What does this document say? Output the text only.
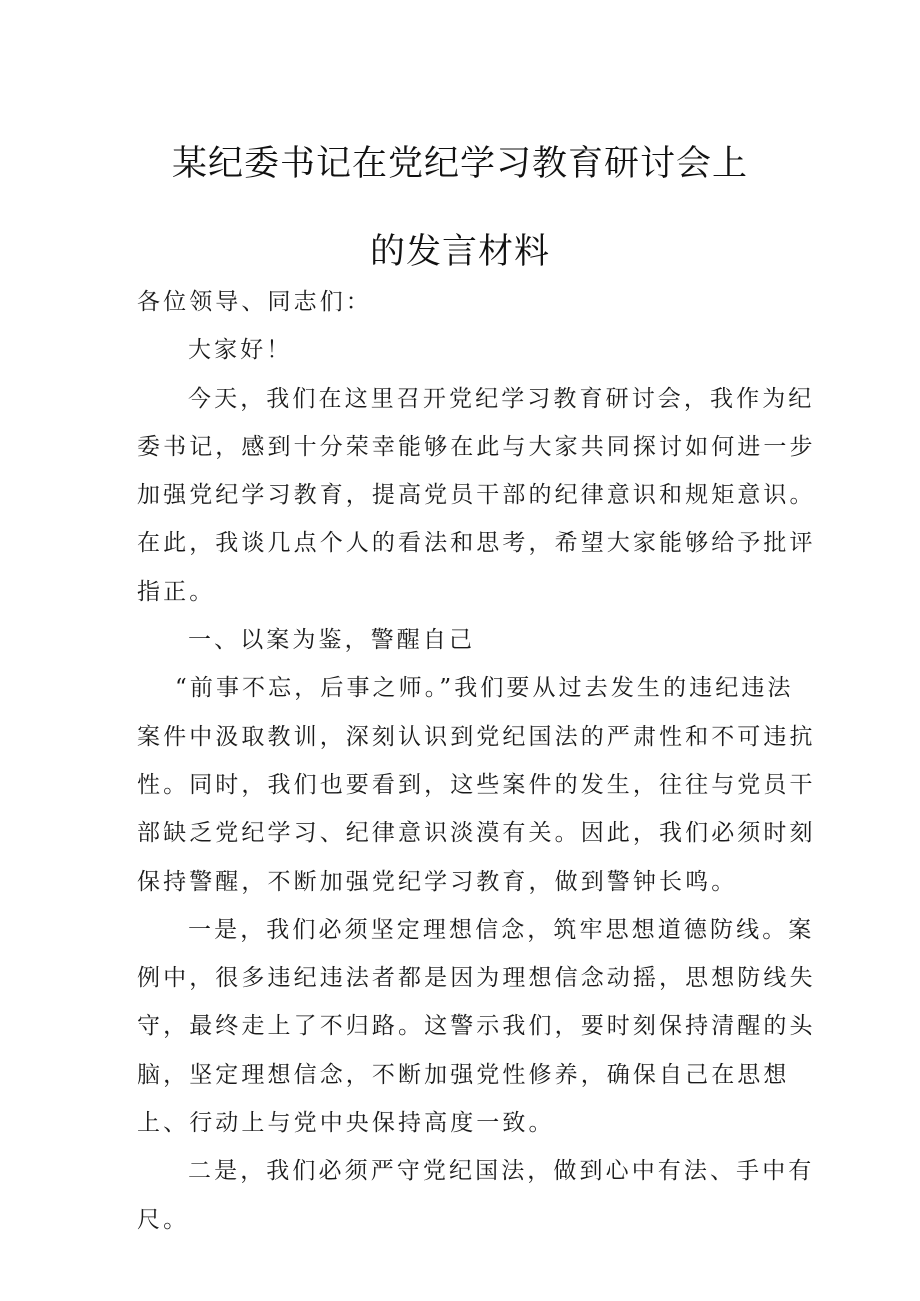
某纪委书记在党纪学习教育研讨会上
的发言材料

各位领导、同志们：

大家好！

今天，我们在这里召开党纪学习教育研讨会，我作为纪委书记，感到十分荣幸能够在此与大家共同探讨如何进一步加强党纪学习教育，提高党员干部的纪律意识和规矩意识。在此，我谈几点个人的看法和思考，希望大家能够给予批评指正。

一、以案为鉴，警醒自己

“前事不忘，后事之师。”我们要从过去发生的违纪违法案件中汲取教训，深刻认识到党纪国法的严肃性和不可违抗性。同时，我们也要看到，这些案件的发生，往往与党员干部缺乏党纪学习、纪律意识淡漠有关。因此，我们必须时刻保持警醒，不断加强党纪学习教育，做到警钟长鸣。

一是，我们必须坚定理想信念，筑牢思想道德防线。案例中，很多违纪违法者都是因为理想信念动摇，思想防线失守，最终走上了不归路。这警示我们，要时刻保持清醒的头脑，坚定理想信念，不断加强党性修养，确保自己在思想上、行动上与党中央保持高度一致。

二是，我们必须严守党纪国法，做到心中有法、手中有尺。
